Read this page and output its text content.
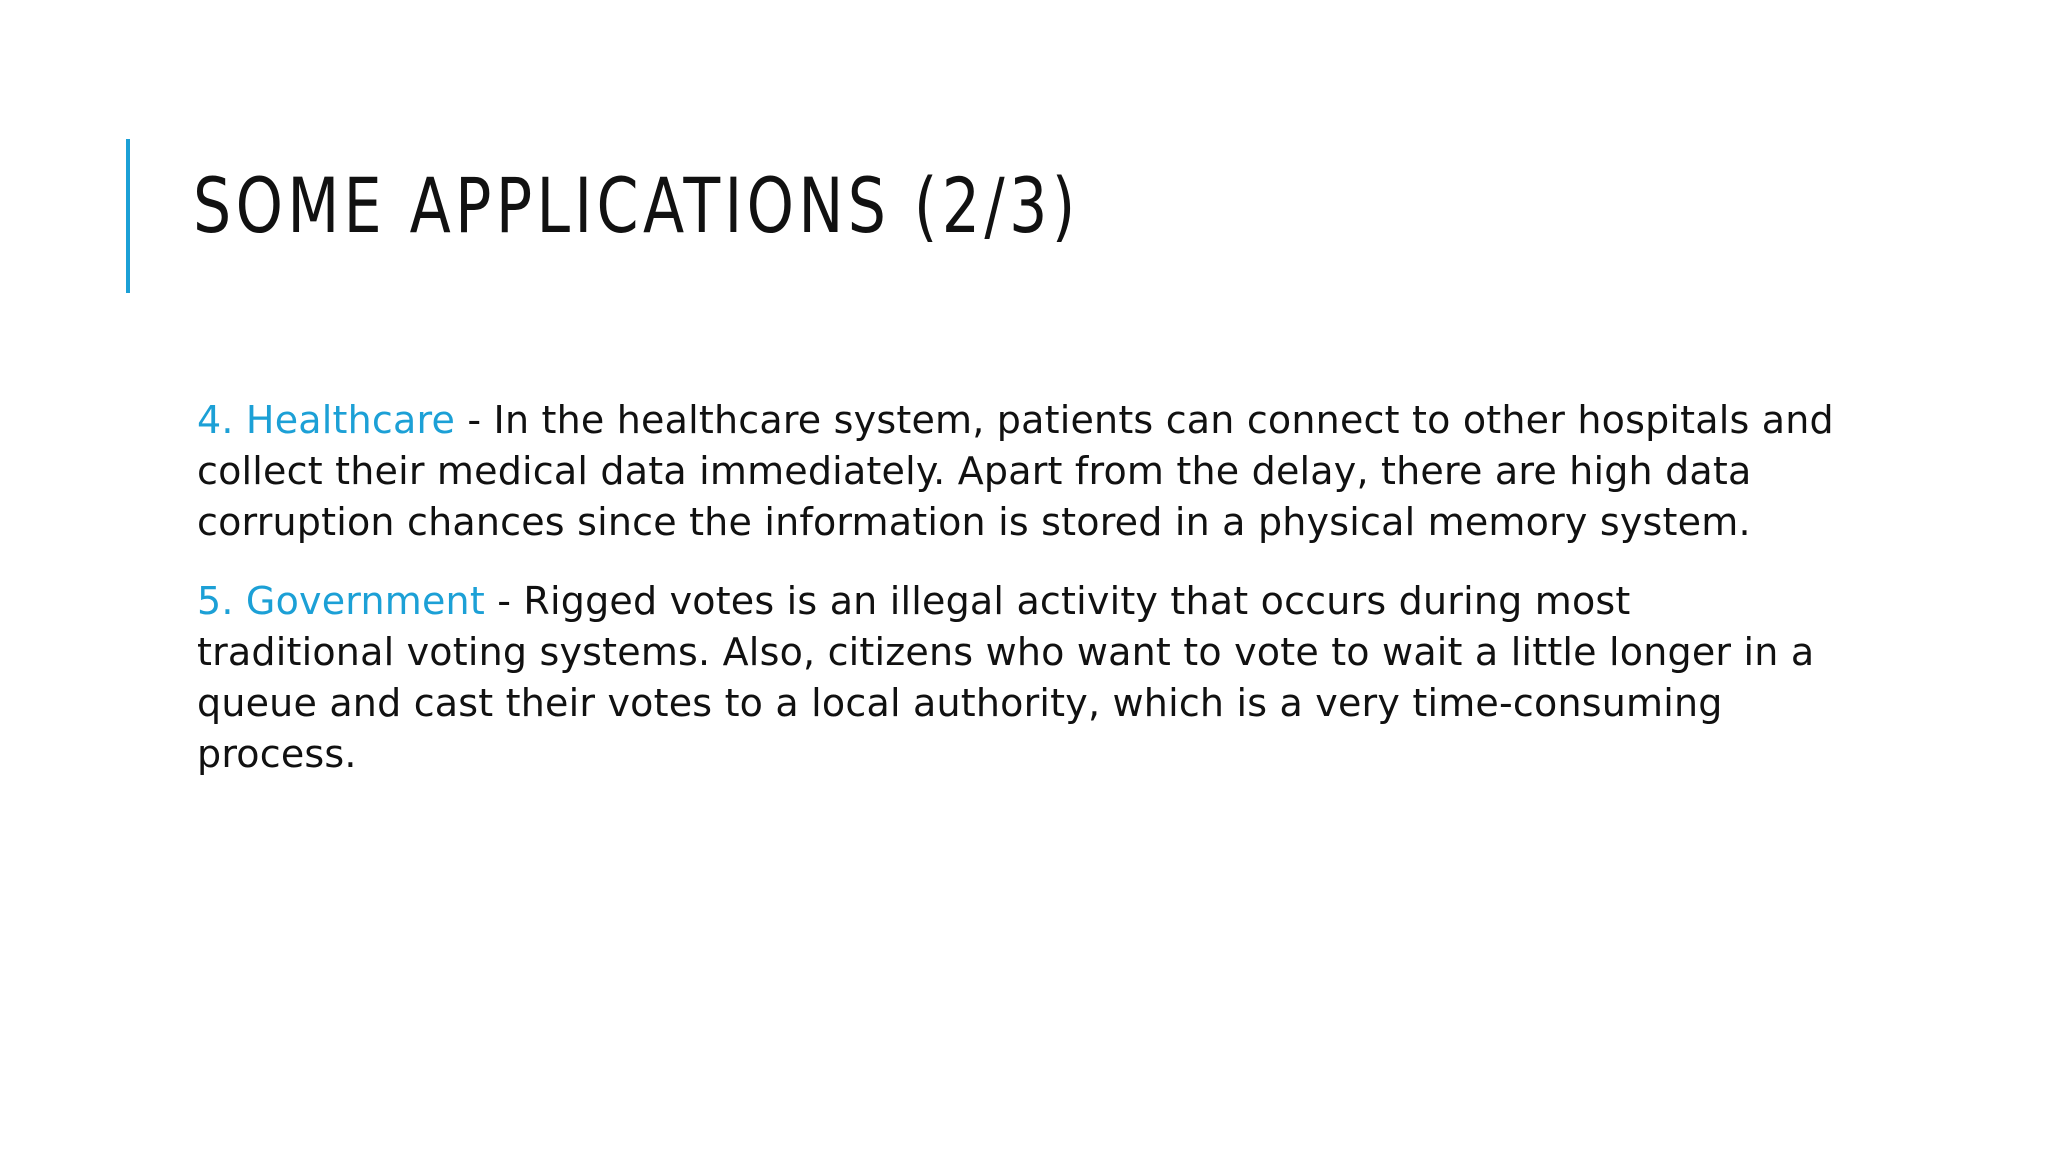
SOME APPLICATIONS (2/3)

4. Healthcare - In the healthcare system, patients can connect to other hospitals and collect their medical data immediately. Apart from the delay, there are high data corruption chances since the information is stored in a physical memory system.

5. Government - Rigged votes is an illegal activity that occurs during most traditional voting systems. Also, citizens who want to vote to wait a little longer in a queue and cast their votes to a local authority, which is a very time-consuming process.
